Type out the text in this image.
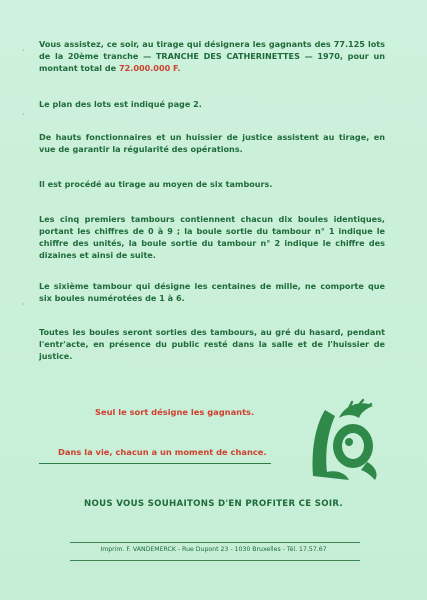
·
·
·

Vous assistez, ce soir, au tirage qui désignera les gagnants des 77.125 lots de la 20ème tranche — TRANCHE DES CATHERINETTES — 1970, pour un montant total de 72.000.000 F.

Le plan des lots est indiqué page 2.

De hauts fonctionnaires et un huissier de justice assistent au tirage, en vue de garantir la régularité des opérations.

Il est procédé au tirage au moyen de six tambours.

Les cinq premiers tambours contiennent chacun dix boules identiques, portant les chiffres de 0 à 9 ; la boule sortie du tambour n° 1 indique le chiffre des unités, la boule sortie du tambour n° 2 indique le chiffre des dizaines et ainsi de suite.

Le sixième tambour qui désigne les centaines de mille, ne comporte que six boules numérotées de 1 à 6.

Toutes les boules seront sorties des tambours, au gré du hasard, pendant l'entr'acte, en présence du public resté dans la salle et de l'huissier de justice.

Seul le sort désigne les gagnants.

Dans la vie, chacun a un moment de chance.

NOUS VOUS SOUHAITONS D'EN PROFITER CE SOIR.

Imprim. F. VANDEMERCK - Rue Dupont 23 - 1030 Bruxelles - Tél. 17.57.67
